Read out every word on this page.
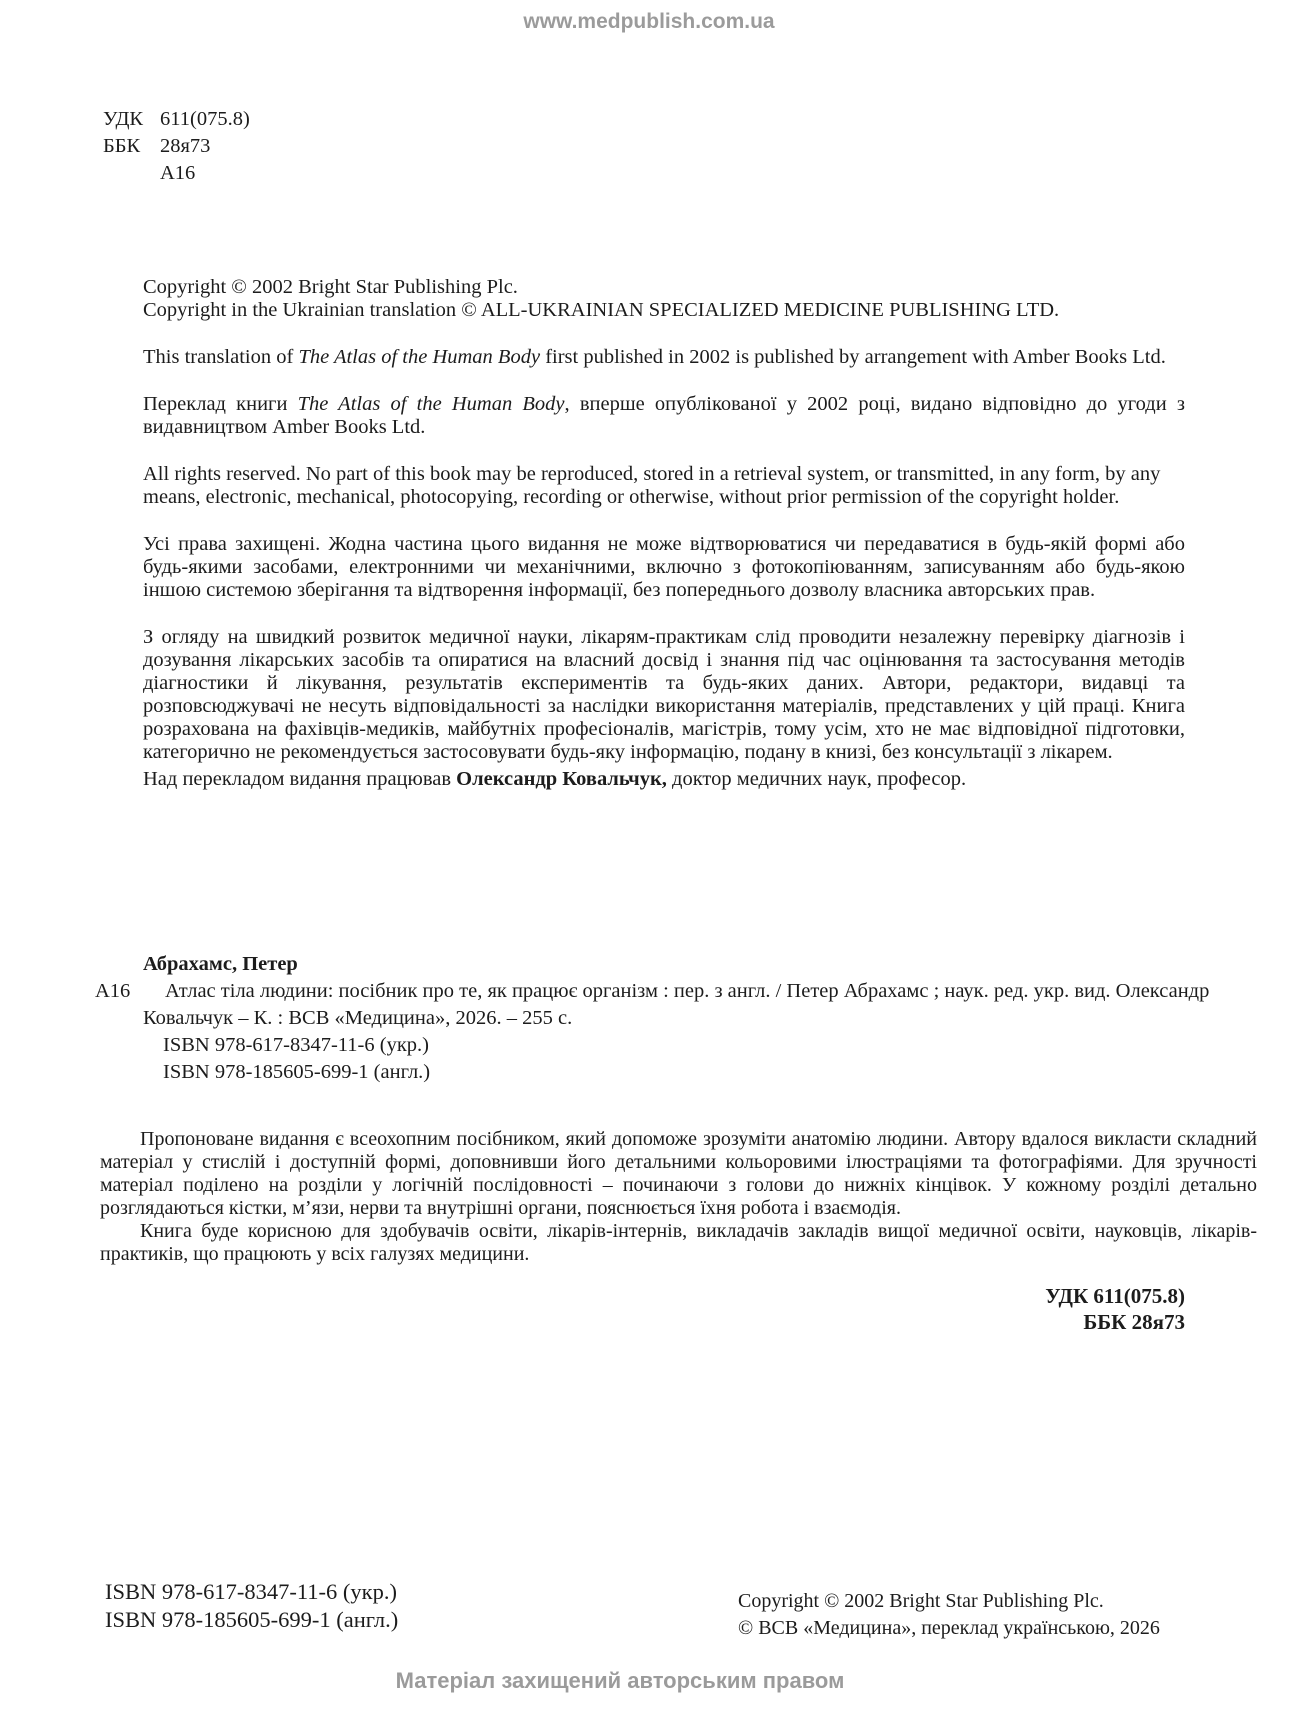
www.medpublish.com.ua
УДК 611(075.8)
ББК 28я73
А16
Copyright © 2002 Bright Star Publishing Plc.
Copyright in the Ukrainian translation © ALL-UKRAINIAN SPECIALIZED MEDICINE PUBLISHING LTD.
This translation of The Atlas of the Human Body first published in 2002 is published by arrangement with Amber Books Ltd.
Переклад книги The Atlas of the Human Body, вперше опублікованої у 2002 році, видано відповідно до угоди з видавництвом Amber Books Ltd.
All rights reserved. No part of this book may be reproduced, stored in a retrieval system, or transmitted, in any form, by any means, electronic, mechanical, photocopying, recording or otherwise, without prior permission of the copyright holder.
Усі права захищені. Жодна частина цього видання не може відтворюватися чи передаватися в будь-якій формі або будь-якими засобами, електронними чи механічними, включно з фотокопіюванням, записуванням або будь-якою іншою системою зберігання та відтворення інформації, без попереднього дозволу власника авторських прав.
З огляду на швидкий розвиток медичної науки, лікарям-практикам слід проводити незалежну перевірку діагнозів і дозування лікарських засобів та опиратися на власний досвід і знання під час оцінювання та застосування методів діагностики й лікування, результатів експериментів та будь-яких даних. Автори, редактори, видавці та розповсюджувачі не несуть відповідальності за наслідки використання матеріалів, представлених у цій праці. Книга розрахована на фахівців-медиків, майбутніх професіоналів, магістрів, тому усім, хто не має відповідної підготовки, категорично не рекомендується застосовувати будь-яку інформацію, подану в книзі, без консультації з лікарем.
Над перекладом видання працював Олександр Ковальчук, доктор медичних наук, професор.
Абрахамс, Петер
А16 Атлас тіла людини: посібник про те, як працює організм : пер. з англ. / Петер Абрахамс ; наук. ред. укр. вид. Олександр
Ковальчук – К. : ВСВ «Медицина», 2026. – 255 с.
ISBN 978-617-8347-11-6 (укр.)
ISBN 978-185605-699-1 (англ.)
Пропоноване видання є всеохопним посібником, який допоможе зрозуміти анатомію людини. Автору вдалося викласти складний матеріал у стислій і доступній формі, доповнивши його детальними кольоровими ілюстраціями та фотографіями. Для зручності матеріал поділено на розділи у логічній послідовності – починаючи з голови до нижніх кінцівок. У кожному розділі детально розглядаються кістки, м’язи, нерви та внутрішні органи, пояснюється їхня робота і взаємодія.
Книга буде корисною для здобувачів освіти, лікарів-інтернів, викладачів закладів вищої медичної освіти, науковців, лікарів-практиків, що працюють у всіх галузях медицини.
УДК 611(075.8)
ББК 28я73
ISBN 978-617-8347-11-6 (укр.)
ISBN 978-185605-699-1 (англ.)
Copyright © 2002 Bright Star Publishing Plc.
© ВСВ «Медицина», переклад українською, 2026
Матеріал захищений авторським правом
